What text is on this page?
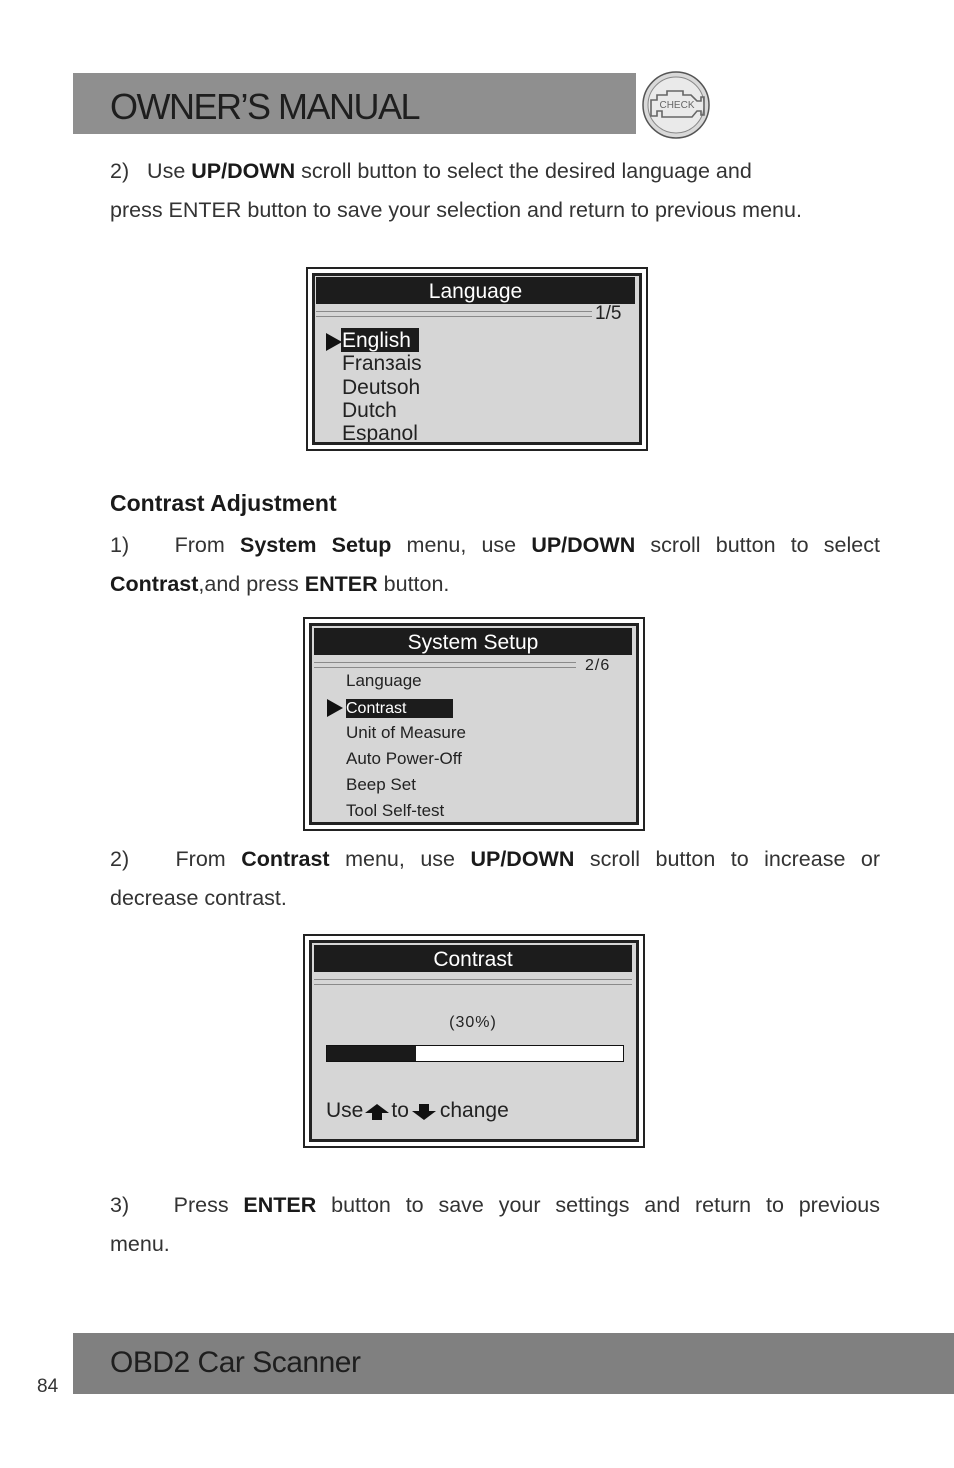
OWNER’S MANUAL	CHECK
2) Use UP/DOWN scroll button to select the desired language and
press ENTER button to save your selection and return to previous menu.
Language
1/5
English
Franзais
Deutsoh
Dutch
Espanol
Contrast Adjustment
1) From System Setup menu, use UP/DOWN scroll button to select
Contrast,and press ENTER button.
System Setup
2/6
Language
Contrast
Unit of Measure
Auto Power-Off
Beep Set
Tool Self-test
2) From Contrast menu, use UP/DOWN scroll button to increase or
decrease contrast.
Contrast
(30%)
Use to change
3) Press ENTER button to save your settings and return to previous
menu.
OBD2 Car Scanner
84
